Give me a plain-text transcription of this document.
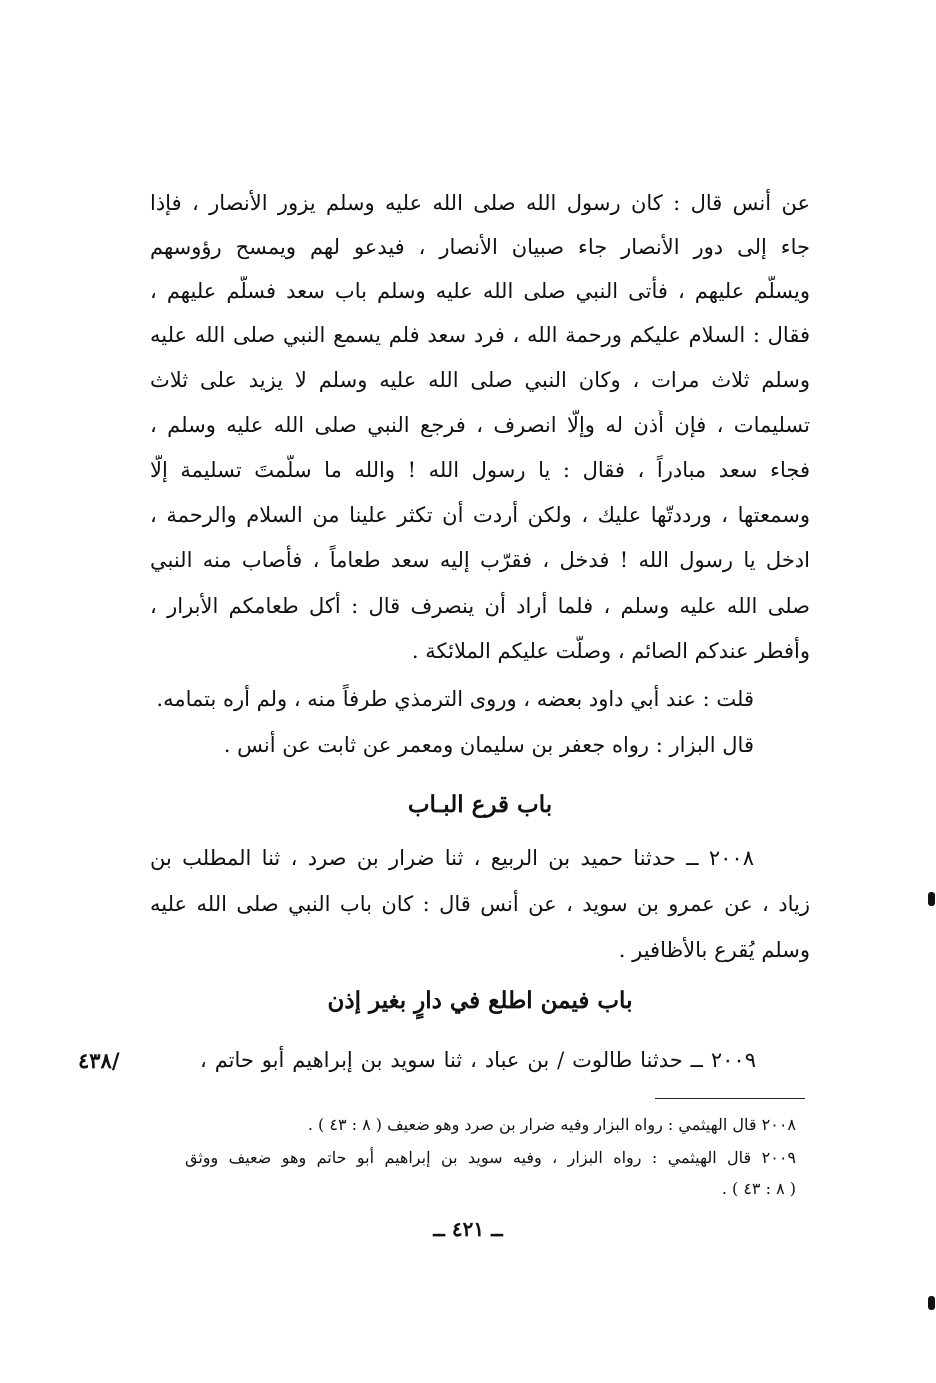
عن أنس قال : كان رسول الله صلى الله عليه وسلم يزور الأنصار ، فإذا
جاء إلى دور الأنصار جاء صبيان الأنصار ، فيدعو لهم ويمسح رؤوسهم
ويسلّم عليهم ، فأتى النبي صلى الله عليه وسلم باب سعد فسلّم عليهم ،
فقال : السلام عليكم ورحمة الله ، فرد سعد فلم يسمع النبي صلى الله عليه
وسلم ثلاث مرات ، وكان النبي صلى الله عليه وسلم لا يزيد على ثلاث
تسليمات ، فإن أُذن له وإلّا انصرف ، فرجع النبي صلى الله عليه وسلم ،
فجاء سعد مبادراً ، فقال : يا رسول الله ! والله ما سلّمتَ تسليمة إلّا
وسمعتها ، ورددتّها عليك ، ولكن أردت أن تكثر علينا من السلام والرحمة ،
ادخل يا رسول الله ! فدخل ، فقرّب إليه سعد طعاماً ، فأصاب منه النبي
صلى الله عليه وسلم ، فلما أراد أن ينصرف قال : أكل طعامكم الأبرار ،
وأفطر عندكم الصائم ، وصلّت عليكم الملائكة .
قلت : عند أبي داود بعضه ، وروى الترمذي طرفاً منه ، ولم أره بتمامه.
قال البزار : رواه جعفر بن سليمان ومعمر عن ثابت عن أنس .
باب قرع البـاب
٢٠٠٨ ــ حدثنا حميد بن الربيع ، ثنا ضرار بن صرد ، ثنا المطلب بن
زياد ، عن عمرو بن سويد ، عن أنس قال : كان باب النبي صلى الله عليه
وسلم يُقرع بالأظافير .
باب فيمن اطلع في دارٍ بغير إذن
٢٠٠٩ ــ حدثنا طالوت / بن عباد ، ثنا سويد بن إبراهيم أبو حاتم ،
/٤٣٨
٢٠٠٨ قال الهيثمي : رواه البزار وفيه ضرار بن صرد وهو ضعيف ( ٨ : ٤٣ ) .
٢٠٠٩ قال الهيثمي : رواه البزار ، وفيه سويد بن إبراهيم أبو حاتم وهو ضعيف ووثق
( ٨ : ٤٣ ) .
ــ ٤٢١ ــ
